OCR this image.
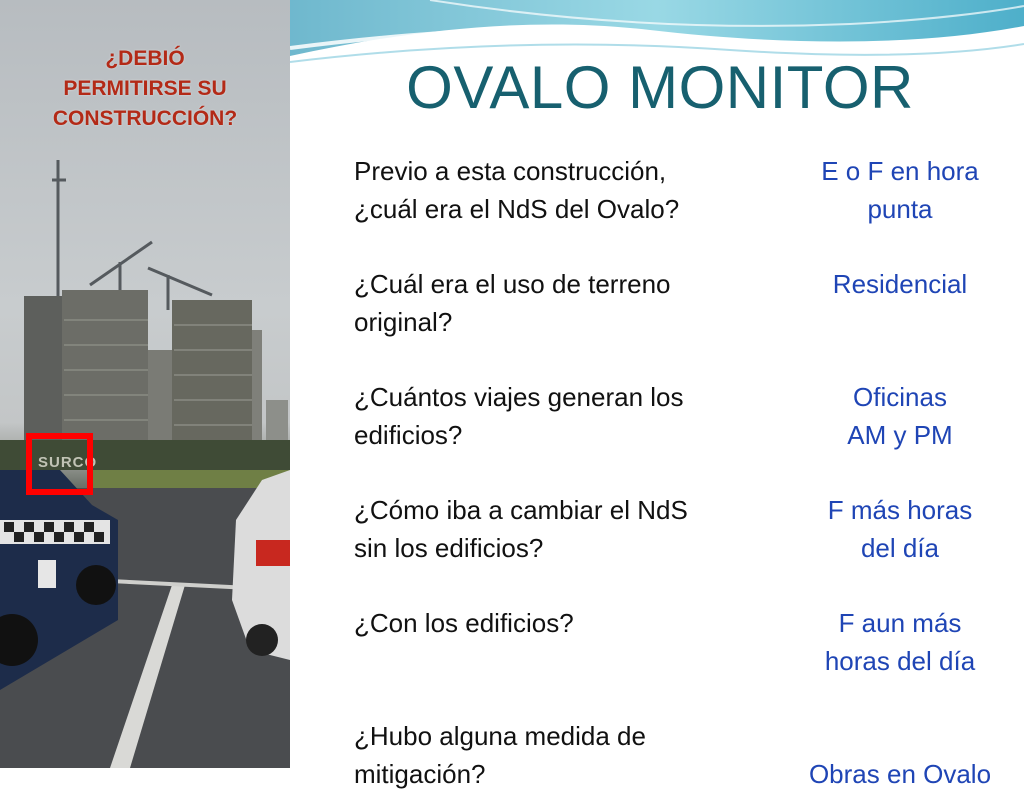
¿DEBIÓ
PERMITIRSE SU
CONSTRUCCIÓN?
SURCO
OVALO MONITOR
Previo a esta construcción,
¿cuál era el NdS del Ovalo?
E o F en hora
punta
¿Cuál era el uso de terreno
original?
Residencial
¿Cuántos viajes generan los
edificios?
Oficinas
AM y PM
¿Cómo iba a cambiar el NdS
sin los edificios?
F más horas
del día
¿Con los edificios?	F aun más
horas del día
¿Hubo alguna medida de
mitigación?
	Obras en Ovalo
